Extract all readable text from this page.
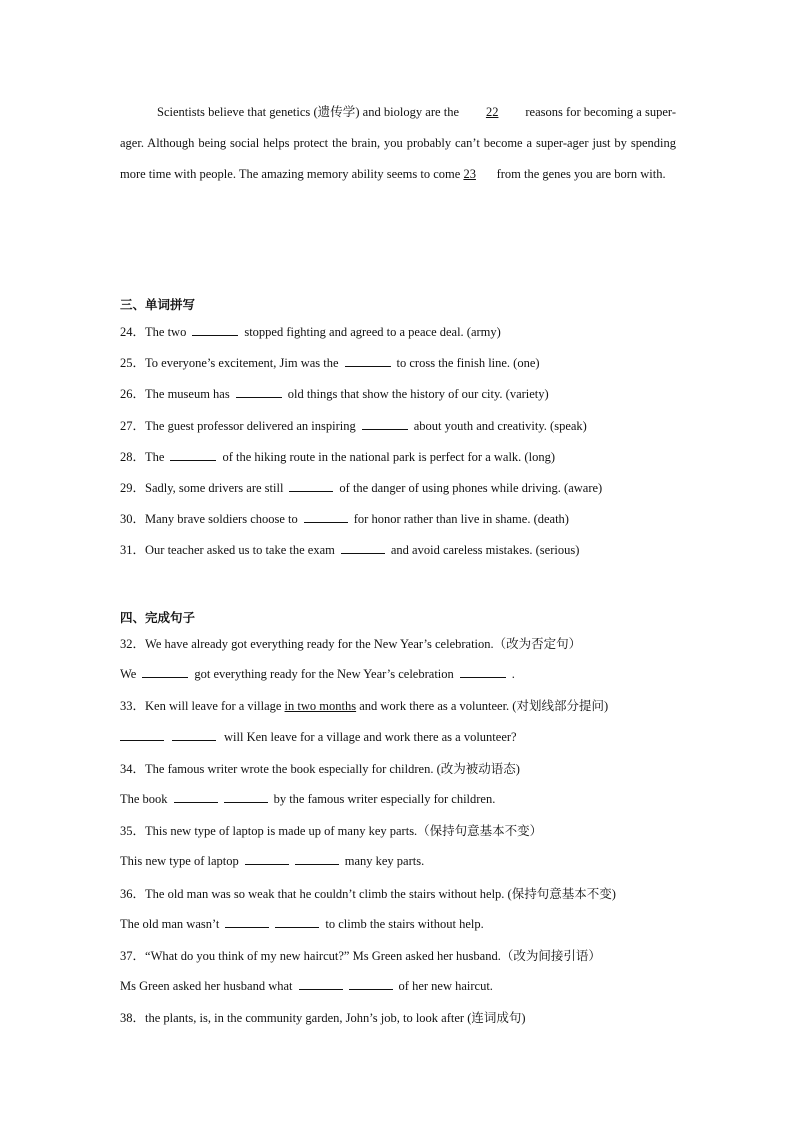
Scientists believe that genetics (遗传学) and biology are the 22 reasons for becoming a super-ager. Although being social helps protect the brain, you probably can’t become a super-ager just by spending more time with people. The amazing memory ability seems to come 23 from the genes you are born with.
三、单词拼写
24．The two	stopped fighting and agreed to a peace deal. (army)
25．To everyone’s excitement, Jim was the	to cross the finish line. (one)
26．The museum has	old things that show the history of our city. (variety)
27．The guest professor delivered an inspiring	about youth and creativity. (speak)
28．The	of the hiking route in the national park is perfect for a walk. (long)
29．Sadly, some drivers are still	of the danger of using phones while driving. (aware)
30．Many brave soldiers choose to	for honor rather than live in shame. (death)
31．Our teacher asked us to take the exam	and avoid careless mistakes. (serious)
四、完成句子
32．We have already got everything ready for the New Year’s celebration.（改为否定句）
We	got everything ready for the New Year’s celebration	.
33．Ken will leave for a village in two months and work there as a volunteer. (对划线部分提问)
will Ken leave for a village and work there as a volunteer?
34．The famous writer wrote the book especially for children. (改为被动语态)
The book	by the famous writer especially for children.
35．This new type of laptop is made up of many key parts.（保持句意基本不变）
This new type of laptop	many key parts.
36．The old man was so weak that he couldn’t climb the stairs without help. (保持句意基本不变)
The old man wasn’t	to climb the stairs without help.
37．“What do you think of my new haircut?” Ms Green asked her husband.（改为间接引语）
Ms Green asked her husband what	of her new haircut.
38．the plants, is, in the community garden, John’s job, to look after (连词成句)
